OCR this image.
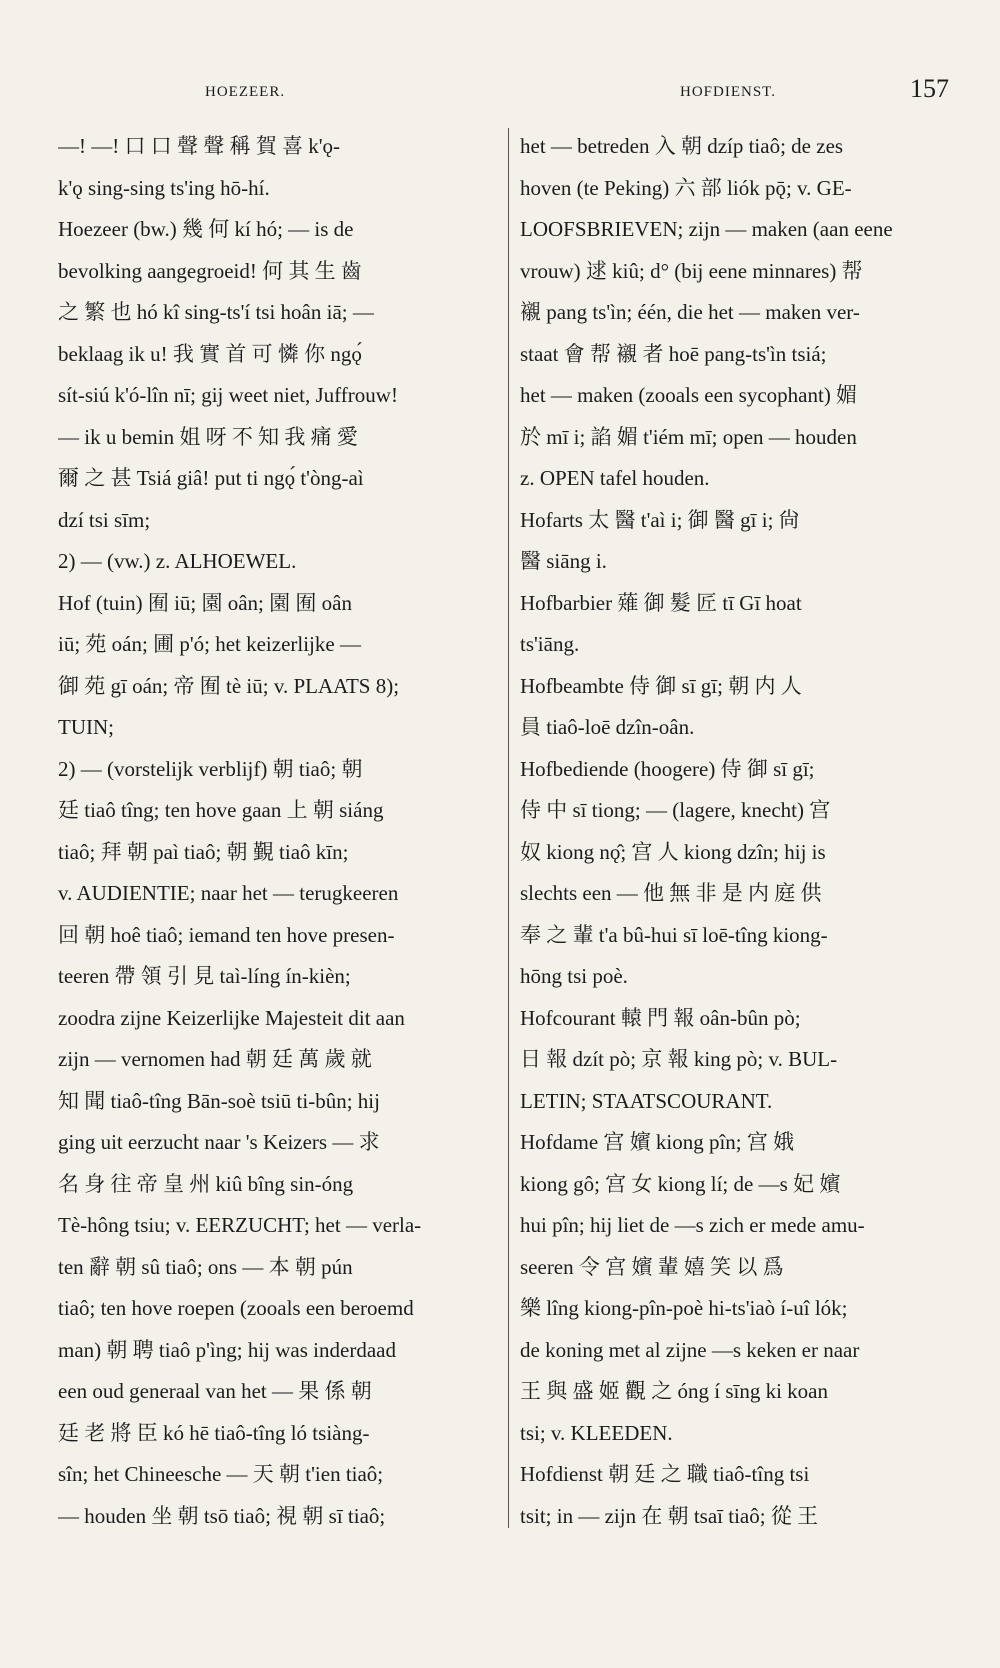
HOEZEER.	HOFDIENST.	157
—! —! 口 口 聲 聲 稱 賀 喜 k'ǫ-
k'ǫ sing-sing ts'ing hō-hí.
Hoezeer (bw.) 幾 何 kí hó; — is de
bevolking aangegroeid! 何 其 生 齒
之 繁 也 hó kî sing-ts'í tsi hoân iā; —
beklaag ik u! 我 實 首 可 憐 你 ngǫ́
sít-siú k'ó-lîn nī; gij weet niet, Juffrouw!
— ik u bemin 姐 呀 不 知 我 痛 愛
爾 之 甚 Tsiá giâ! put ti ngǫ́ t'òng-aì
dzí tsi sīm;
2) — (vw.) z. ALHOEWEL.
Hof (tuin) 囿 iū; 園 oân; 園 囿 oân
iū; 苑 oán; 圃 p'ó; het keizerlijke —
御 苑 gī oán; 帝 囿 tè iū; v. PLAATS 8);
TUIN;
2) — (vorstelijk verblijf) 朝 tiaô; 朝
廷 tiaô tîng; ten hove gaan 上 朝 siáng
tiaô; 拜 朝 paì tiaô; 朝 覲 tiaô kīn;
v. AUDIENTIE; naar het — terugkeeren
回 朝 hoê tiaô; iemand ten hove presen-
teeren 帶 領 引 見 taì-líng ín-kièn;
zoodra zijne Keizerlijke Majesteit dit aan
zijn — vernomen had 朝 廷 萬 歲 就
知 聞 tiaô-tîng Bān-soè tsiū ti-bûn; hij
ging uit eerzucht naar 's Keizers — 求
名 身 往 帝 皇 州 kiû bîng sin-óng
Tè-hông tsiu; v. EERZUCHT; het — verla-
ten 辭 朝 sû tiaô; ons — 本 朝 pún
tiaô; ten hove roepen (zooals een beroemd
man) 朝 聘 tiaô p'ìng; hij was inderdaad
een oud generaal van het — 果 係 朝
廷 老 將 臣 kó hē tiaô-tîng ló tsiàng-
sîn; het Chineesche — 天 朝 t'ien tiaô;
— houden 坐 朝 tsō tiaô; 視 朝 sī tiaô;
het — betreden 入 朝 dzíp tiaô; de zes
hoven (te Peking) 六 部 liók pǭ; v. GE-
LOOFSBRIEVEN; zijn — maken (aan eene
vrouw) 逑 kiû; d° (bij eene minnares) 帮
襯 pang ts'ìn; één, die het — maken ver-
staat 會 帮 襯 者 hoē pang-ts'ìn tsiá;
het — maken (zooals een sycophant) 媚
於 mī i; 諂 媚 t'iém mī; open — houden
z. OPEN tafel houden.
Hofarts 太 醫 t'aì i; 御 醫 gī i; 尙
醫 siāng i.
Hofbarbier 薙 御 髮 匠 tī Gī hoat
ts'iāng.
Hofbeambte 侍 御 sī gī; 朝 内 人
員 tiaô-loē dzîn-oân.
Hofbediende (hoogere) 侍 御 sī gī;
侍 中 sī tiong; — (lagere, knecht) 宫
奴 kiong nǫ̂; 宫 人 kiong dzîn; hij is
slechts een — 他 無 非 是 内 庭 供
奉 之 輩 t'a bû-hui sī loē-tîng kiong-
hōng tsi poè.
Hofcourant 轅 門 報 oân-bûn pò;
日 報 dzít pò; 京 報 king pò; v. BUL-
LETIN; STAATSCOURANT.
Hofdame 宫 嬪 kiong pîn; 宫 娥
kiong gô; 宫 女 kiong lí; de —s 妃 嬪
hui pîn; hij liet de —s zich er mede amu-
seeren 令 宫 嬪 輩 嬉 笑 以 爲
樂 lîng kiong-pîn-poè hi-ts'iaò í-uî lók;
de koning met al zijne —s keken er naar
王 與 盛 姬 觀 之 óng í sīng ki koan
tsi; v. KLEEDEN.
Hofdienst 朝 廷 之 職 tiaô-tîng tsi
tsit; in — zijn 在 朝 tsaī tiaô; 從 王
